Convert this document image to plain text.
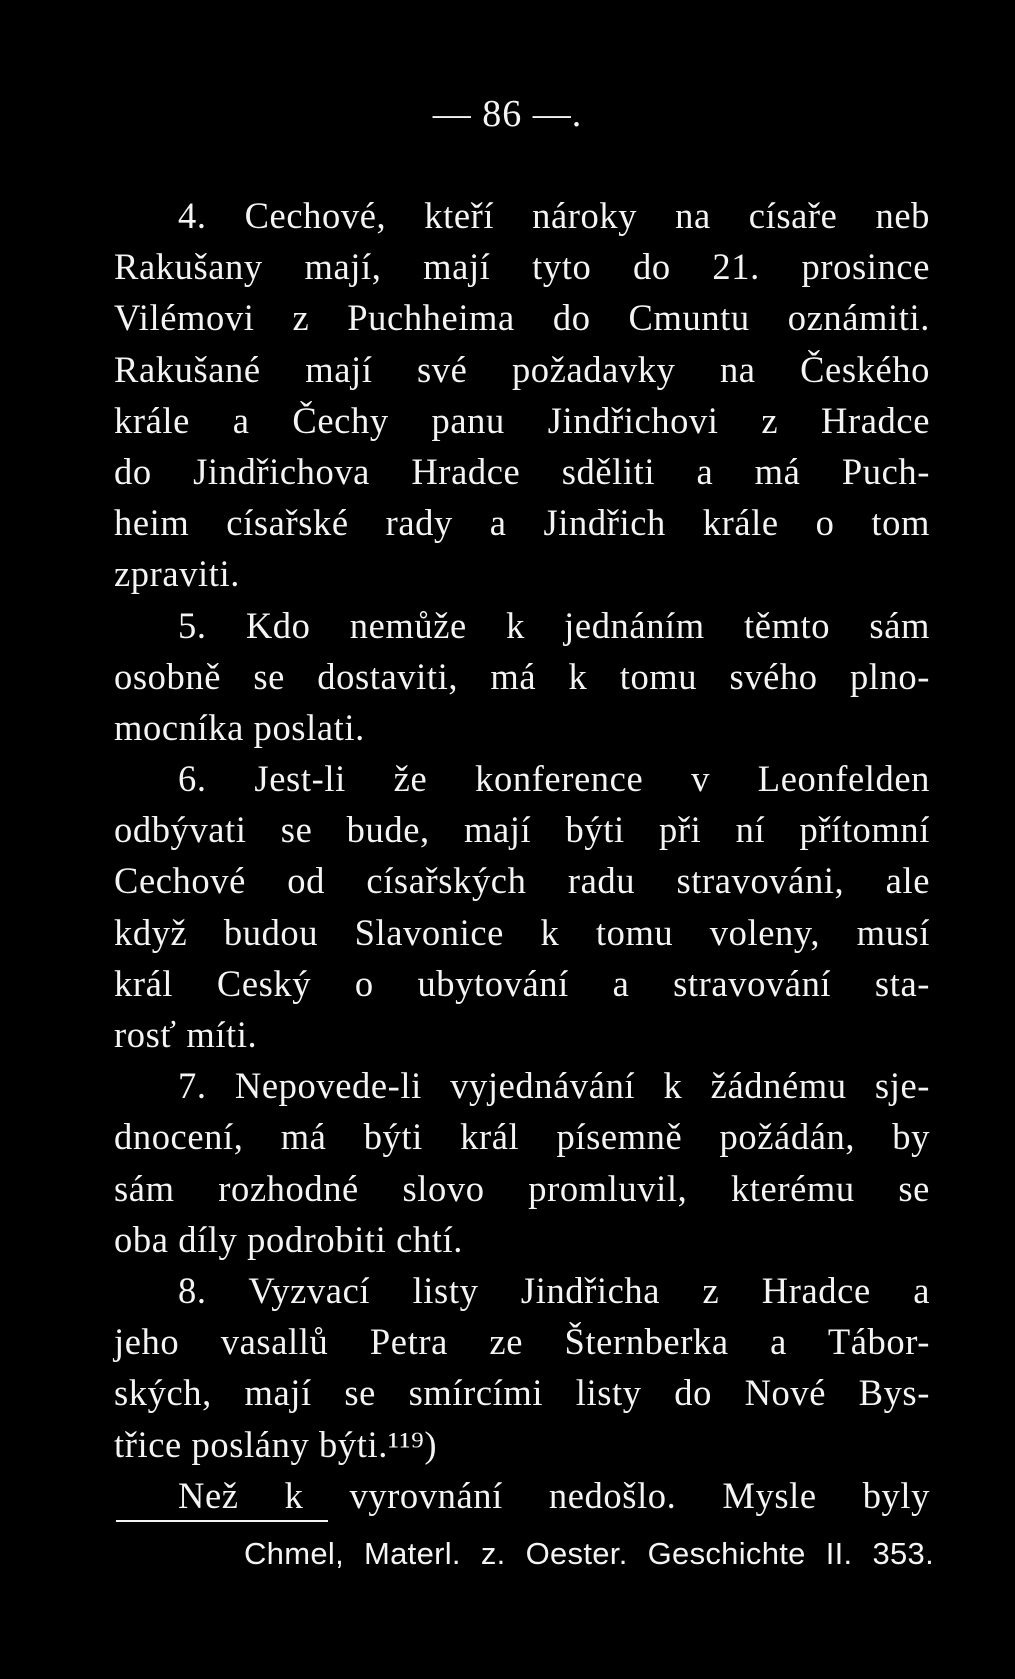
— 86 —.
4. Cechové, kteří nároky na císaře neb
Rakušany mají, mají tyto do 21. prosince
Vilémovi z Puchheima do Cmuntu oznámiti.
Rakušané mají své požadavky na Českého
krále a Čechy panu Jindřichovi z Hradce
do Jindřichova Hradce sděliti a má Puch-
heim císařské rady a Jindřich krále o tom
zpraviti.
5. Kdo nemůže k jednáním těmto sám
osobně se dostaviti, má k tomu svého plno-
mocníka poslati.
6. Jest-li že konference v Leonfelden
odbývati se bude, mají býti při ní přítomní
Cechové od císařských radu stravováni, ale
když budou Slavonice k tomu voleny, musí
král Ceský o ubytování a stravování sta-
rosť míti.
7. Nepovede-li vyjednávání k žádnému sje-
dnocení, má býti král písemně požádán, by
sám rozhodné slovo promluvil, kterému se
oba díly podrobiti chtí.
8. Vyzvací listy Jindřicha z Hradce a
jeho vasallů Petra ze Šternberka a Tábor-
ských, mají se smírcími listy do Nové Bys-
třice poslány býti.¹¹⁹)
Než k vyrovnání nedošlo. Mysle byly
Chmel, Materl. z. Oester. Geschichte II. 353.
